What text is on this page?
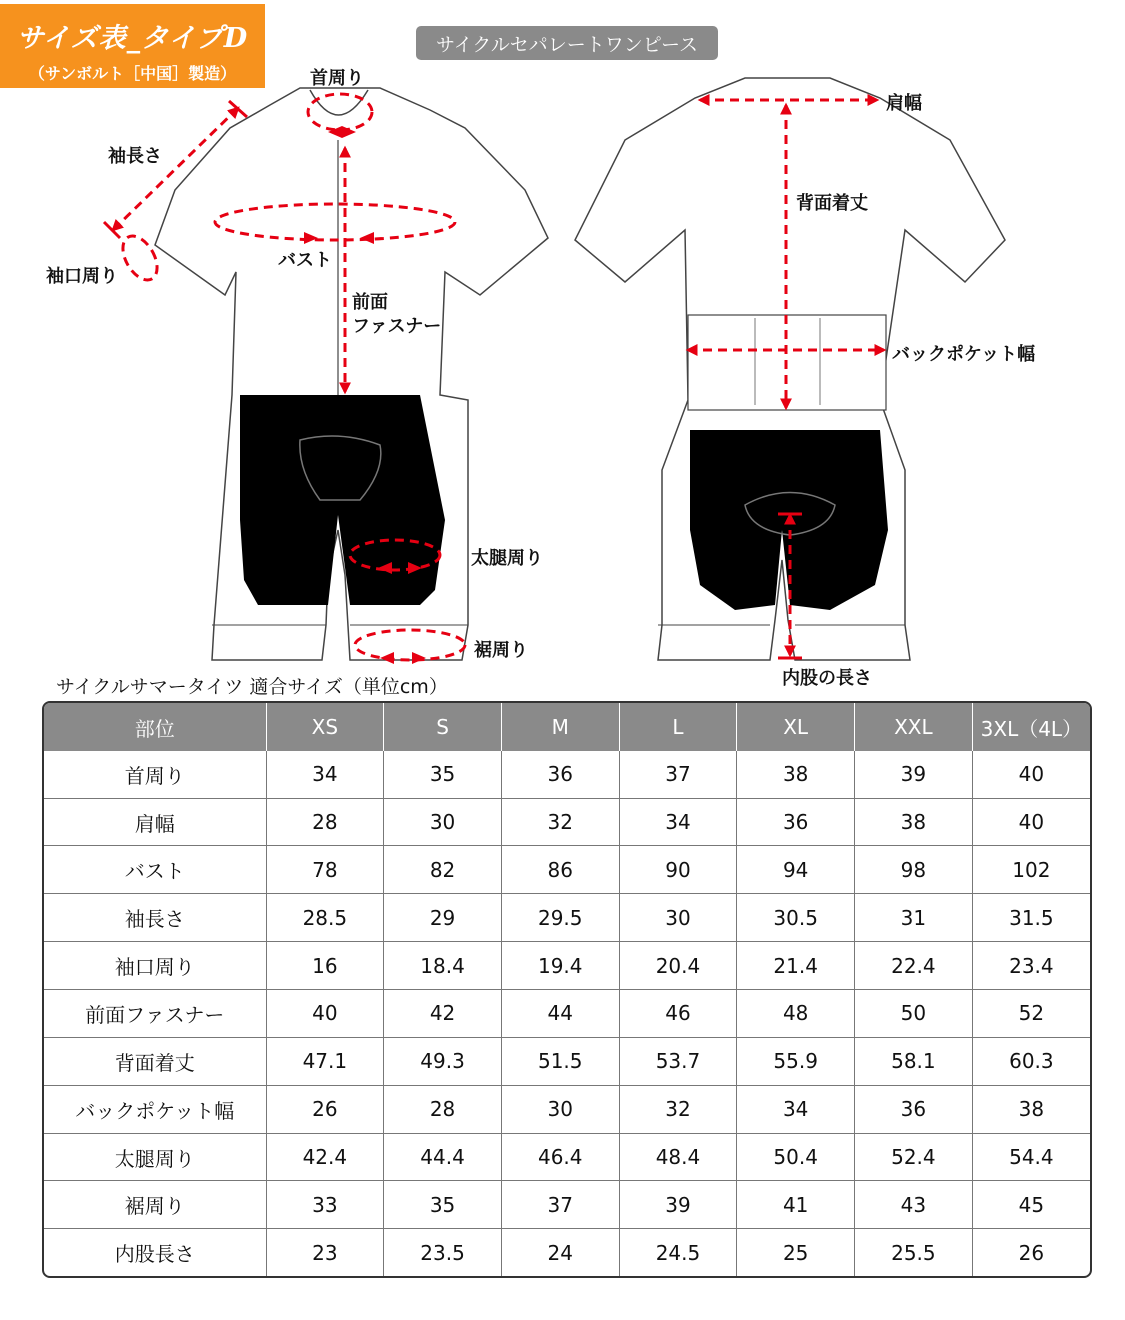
サイズ表_タイプD
（サンボルト［中国］製造）
サイクルセパレートワンピース
首周り
袖長さ
袖口周り
バスト
前面
ファスナー
太腿周り
裾周り
肩幅
背面着丈
バックポケット幅
内股の長さ
サイクルサマータイツ 適合サイズ（単位cm）
部位	XS	S	M	L	XL	XXL	3XL（4L）
首周り	34	35	36	37	38	39	40
肩幅	28	30	32	34	36	38	40
バスト	78	82	86	90	94	98	102
袖長さ	28.5	29	29.5	30	30.5	31	31.5
袖口周り	16	18.4	19.4	20.4	21.4	22.4	23.4
前面ファスナー	40	42	44	46	48	50	52
背面着丈	47.1	49.3	51.5	53.7	55.9	58.1	60.3
バックポケット幅	26	28	30	32	34	36	38
太腿周り	42.4	44.4	46.4	48.4	50.4	52.4	54.4
裾周り	33	35	37	39	41	43	45
内股長さ	23	23.5	24	24.5	25	25.5	26
